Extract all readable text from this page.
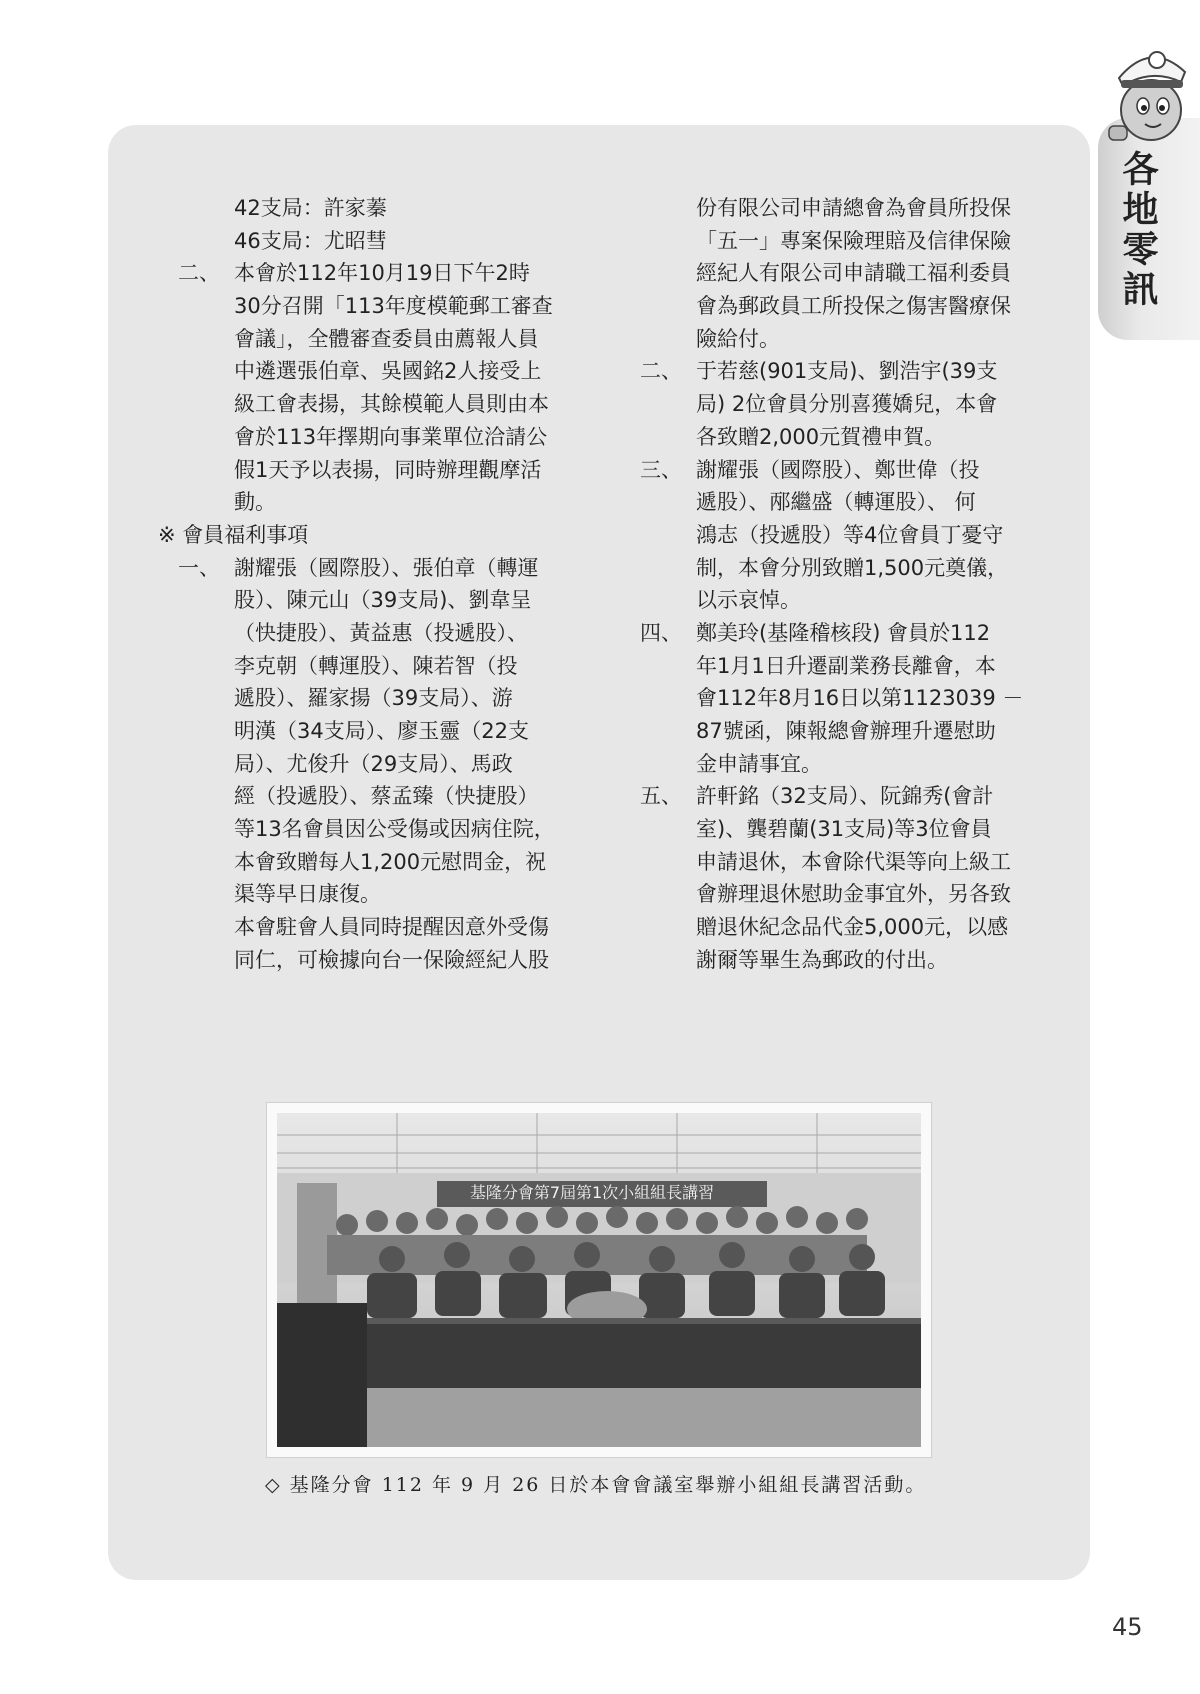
各地零訊
42支局：許家蓁
46支局：尤昭彗
二、 本會於112年10月19日下午2時
30分召開「113年度模範郵工審查
會議」，全體審查委員由薦報人員
中遴選張伯章、吳國銘2人接受上
級工會表揚，其餘模範人員則由本
會於113年擇期向事業單位洽請公
假1天予以表揚，同時辦理觀摩活
動。
※ 會員福利事項
一、 謝耀張（國際股）、張伯章（轉運
股）、陳元山（39支局)、劉韋呈
（快捷股）、黃益惠（投遞股）、
李克朝（轉運股）、陳若智（投
遞股）、羅家揚（39支局）、游
明漢（34支局）、廖玉靈（22支
局）、尤俊升（29支局）、馬政
經（投遞股）、蔡孟臻（快捷股）
等13名會員因公受傷或因病住院，
本會致贈每人1,200元慰問金，祝
渠等早日康復。
本會駐會人員同時提醒因意外受傷
同仁，可檢據向台一保險經紀人股
份有限公司申請總會為會員所投保
「五一」專案保險理賠及信律保險
經紀人有限公司申請職工福利委員
會為郵政員工所投保之傷害醫療保
險給付。
二、 于若慈(901支局)、劉浩宇(39支
局) 2位會員分別喜獲嬌兒，本會
各致贈2,000元賀禮申賀。
三、 謝耀張（國際股）、鄭世偉（投
遞股）、邴繼盛（轉運股）、 何
鴻志（投遞股）等4位會員丁憂守
制，本會分別致贈1,500元奠儀，
以示哀悼。
四、 鄭美玲(基隆稽核段) 會員於112
年1月1日升遷副業務長離會，本
會112年8月16日以第1123039 －
87號函，陳報總會辦理升遷慰助
金申請事宜。
五、 許軒銘（32支局）、阮錦秀(會計
室)、龔碧蘭(31支局)等3位會員
申請退休，本會除代渠等向上級工
會辦理退休慰助金事宜外，另各致
贈退休紀念品代金5,000元，以感
謝爾等畢生為郵政的付出。
基隆分會第7屆第1次小組組長講習
◇ 基隆分會 112 年 9 月 26 日於本會會議室舉辦小組組長講習活動。
45
